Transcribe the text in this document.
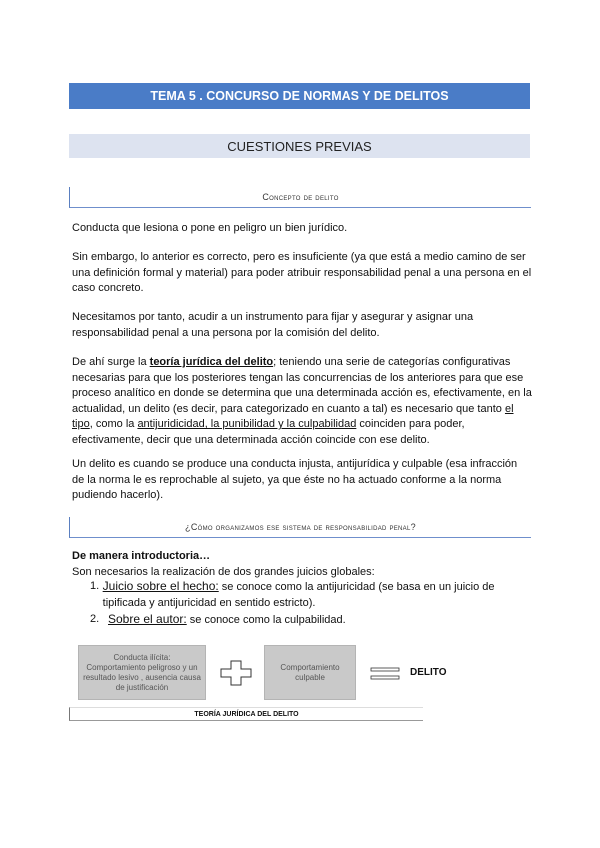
TEMA 5 . CONCURSO DE NORMAS Y DE DELITOS
CUESTIONES PREVIAS
Concepto de delito
Conducta que lesiona o pone en peligro un bien jurídico.
Sin embargo, lo anterior es correcto, pero es insuficiente (ya que está a medio camino de ser una definición formal y material) para poder atribuir responsabilidad penal a una persona en el caso concreto.
Necesitamos por tanto, acudir a un instrumento para fijar y asegurar y asignar una responsabilidad penal a una persona por la comisión del delito.
De ahí surge la teoría jurídica del delito; teniendo una serie de categorías configurativas necesarias para que los posteriores tengan las concurrencias de los anteriores para que ese proceso analítico en donde se determina que una determinada acción es, efectivamente, en la actualidad, un delito (es decir, para categorizado en cuanto a tal) es necesario que tanto el tipo, como la antijuridicidad, la punibilidad y la culpabilidad coinciden para poder, efectivamente, decir que una determinada acción coincide con ese delito.
Un delito es cuando se produce una conducta injusta, antijurídica y culpable (esa infracción de la norma le es reprochable al sujeto, ya que éste no ha actuado conforme a la norma pudiendo hacerlo).
¿Cómo organizamos ese sistema de responsabilidad penal?
De manera introductoria…
Son necesarios la realización de dos grandes juicios globales:
1. Juicio sobre el hecho: se conoce como la antijuricidad (se basa en un juicio de tipificada y antijuricidad en sentido estricto).
2. Sobre el autor: se conoce como la culpabilidad.
Conducta ilícita: Comportamiento peligroso y un resultado lesivo , ausencia causa de justificación
Comportamiento culpable	DELITO
TEORÍA JURÍDICA DEL DELITO
